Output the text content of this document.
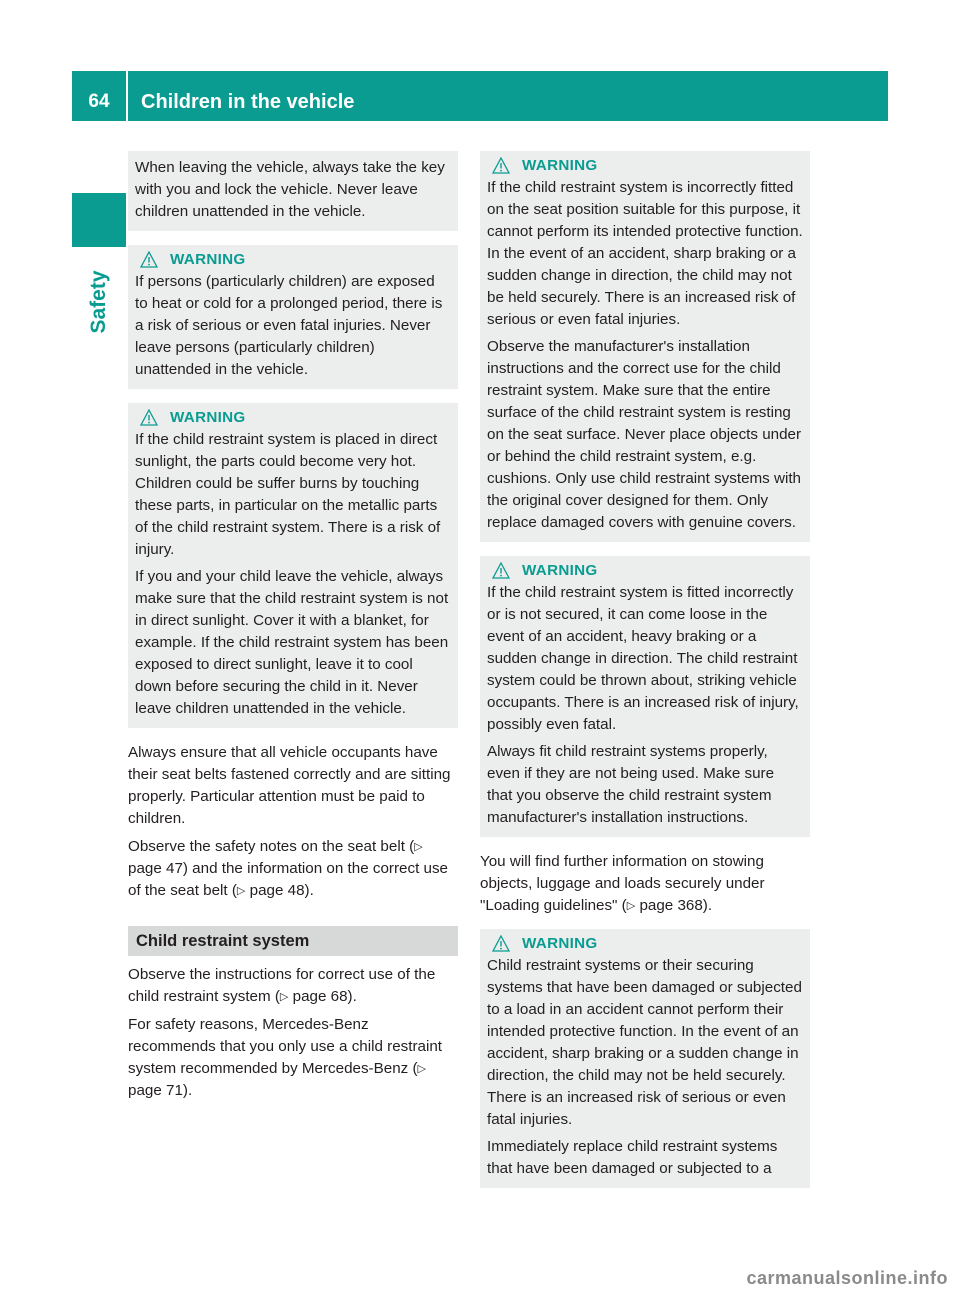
64	Children in the vehicle
Safety

When leaving the vehicle, always take the key with you and lock the vehicle. Never leave children unattended in the vehicle.

WARNING

If persons (particularly children) are exposed to heat or cold for a prolonged period, there is a risk of serious or even fatal injuries. Never leave persons (particularly children) unattended in the vehicle.

WARNING

If the child restraint system is placed in direct sunlight, the parts could become very hot. Children could be suffer burns by touching these parts, in particular on the metallic parts of the child restraint system. There is a risk of injury.

If you and your child leave the vehicle, always make sure that the child restraint system is not in direct sunlight. Cover it with a blanket, for example. If the child restraint system has been exposed to direct sunlight, leave it to cool down before securing the child in it. Never leave children unattended in the vehicle.

Always ensure that all vehicle occupants have their seat belts fastened correctly and are sitting properly. Particular attention must be paid to children.

Observe the safety notes on the seat belt (▷ page 47) and the information on the correct use of the seat belt (▷ page 48).

Child restraint system

Observe the instructions for correct use of the child restraint system (▷ page 68).

For safety reasons, Mercedes-Benz recommends that you only use a child restraint system recommended by Mercedes-Benz (▷ page 71).

WARNING

If the child restraint system is incorrectly fitted on the seat position suitable for this purpose, it cannot perform its intended protective function. In the event of an accident, sharp braking or a sudden change in direction, the child may not be held securely. There is an increased risk of serious or even fatal injuries.

Observe the manufacturer's installation instructions and the correct use for the child restraint system. Make sure that the entire surface of the child restraint system is resting on the seat surface. Never place objects under or behind the child restraint system, e.g. cushions. Only use child restraint systems with the original cover designed for them. Only replace damaged covers with genuine covers.

WARNING

If the child restraint system is fitted incorrectly or is not secured, it can come loose in the event of an accident, heavy braking or a sudden change in direction. The child restraint system could be thrown about, striking vehicle occupants. There is an increased risk of injury, possibly even fatal.

Always fit child restraint systems properly, even if they are not being used. Make sure that you observe the child restraint system manufacturer's installation instructions.

You will find further information on stowing objects, luggage and loads securely under "Loading guidelines" (▷ page 368).

WARNING

Child restraint systems or their securing systems that have been damaged or subjected to a load in an accident cannot perform their intended protective function. In the event of an accident, sharp braking or a sudden change in direction, the child may not be held securely. There is an increased risk of serious or even fatal injuries.

Immediately replace child restraint systems that have been damaged or subjected to a

carmanualsonline.info
